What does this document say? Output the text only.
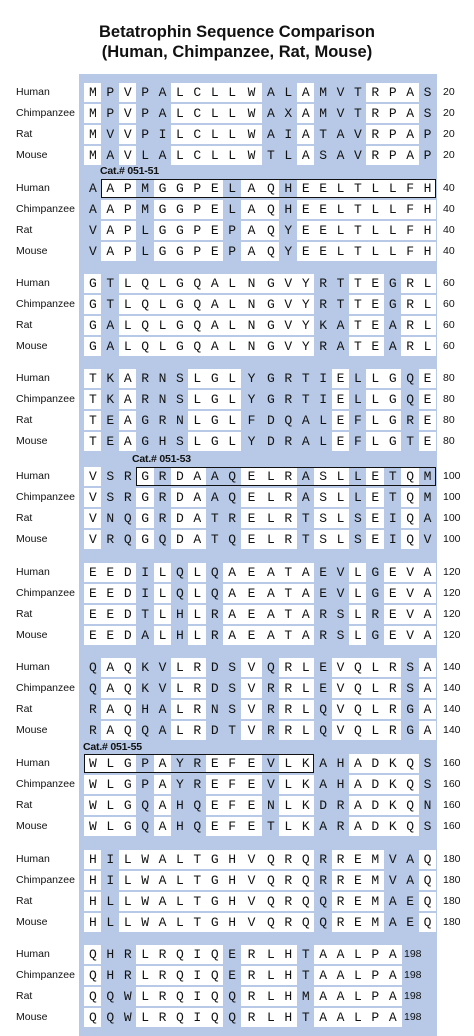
Betatrophin Sequence Comparison
(Human, Chimpanzee, Rat, Mouse)
Human	M P V P A L C L L W A L A M V T R P A S	20
Chimpanzee	M P V P A L C L L W A X A M V T R P A S	20
Rat	M V V P I L C L L W A I A T A V R P A P	20
Mouse	M A V L A L C L L W T L A S A V R P A P	20
Human	A A P M G G P E L A Q H E E L T L L F H	40
Chimpanzee	A A P M G G P E L A Q H E E L T L L F H	40
Rat	V A P L G G P E P A Q Y E E L T L L F H	40
Mouse	V A P L G G P E P A Q Y E E L T L L F H	40
Human	G T L Q L G Q A L N G V Y R T T E G R L	60
Chimpanzee	G T L Q L G Q A L N G V Y R T T E G R L	60
Rat	G A L Q L G Q A L N G V Y K A T E A R L	60
Mouse	G A L Q L G Q A L N G V Y R A T E A R L	60
Human	T K A R N S L G L Y G R T I E L L G Q E	80
Chimpanzee	T K A R N S L G L Y G R T I E L L G Q E	80
Rat	T E A G R N L G L F D Q A L E F L G R E	80
Mouse	T E A G H S L G L Y D R A L E F L G T E	80
Human	V S R G R D A A Q E L R A S L L E T Q M	100
Chimpanzee	V S R G R D A A Q E L R A S L L E T Q M	100
Rat	V N Q G R D A T R E L R T S L S E I Q A	100
Mouse	V R Q G Q D A T Q E L R T S L S E I Q V	100
Human	E E D I L Q L Q A E A T A E V L G E V A	120
Chimpanzee	E E D I L Q L Q A E A T A E V L G E V A	120
Rat	E E D T L H L R A E A T A R S L R E V A	120
Mouse	E E D A L H L R A E A T A R S L G E V A	120
Human	Q A Q K V L R D S V Q R L E V Q L R S A	140
Chimpanzee	Q A Q K V L R D S V R R L E V Q L R S A	140
Rat	R A Q H A L R N S V R R L Q V Q L R G A	140
Mouse	R A Q Q A L R D T V R R L Q V Q L R G A	140
Human	W L G P A Y R E F E V L K A H A D K Q S	160
Chimpanzee	W L G P A Y R E F E V L K A H A D K Q S	160
Rat	W L G Q A H Q E F E N L K D R A D K Q N	160
Mouse	W L G Q A H Q E F E T L K A R A D K Q S	160
Human	H I L W A L T G H V Q R Q R R E M V A Q	180
Chimpanzee	H I L W A L T G H V Q R Q R R E M V A Q	180
Rat	H L L W A L T G H V Q R Q Q R E M A E Q	180
Mouse	H L L W A L T G H V Q R Q Q R E M A E Q	180
Human	Q H R L R Q I Q E R L H T A A L P A 198
Chimpanzee	Q H R L R Q I Q E R L H T A A L P A 198
Rat	Q Q W L R Q I Q Q R L H M A A L P A 198
Mouse	Q Q W L R Q I Q Q R L H T A A L P A 198
Cat.# 051-51
Cat.# 051-53
Cat.# 051-55
